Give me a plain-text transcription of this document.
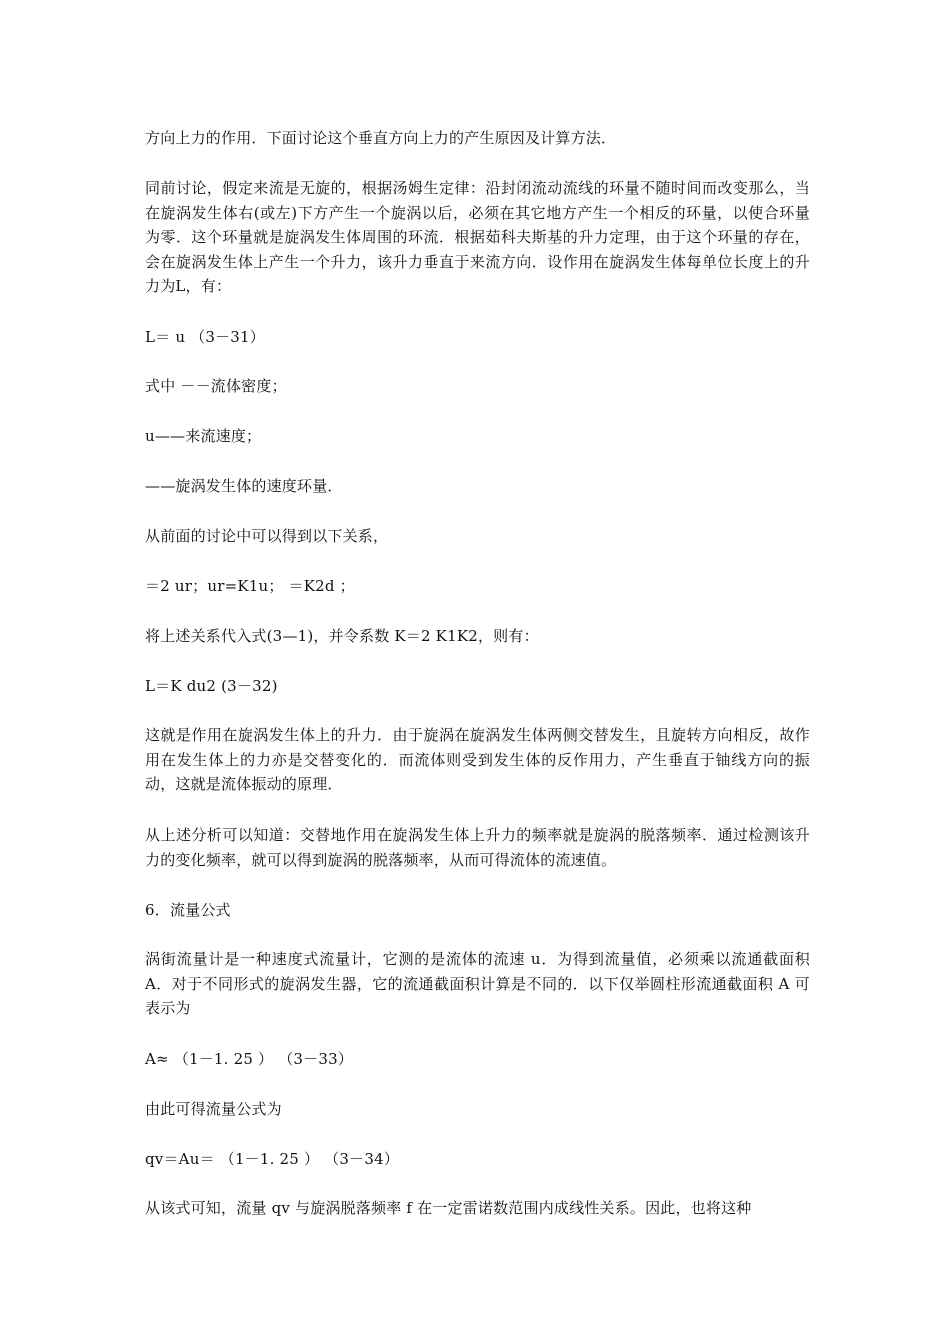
方向上力的作用．下面讨论这个垂直方向上力的产生原因及计算方法．

同前讨论，假定来流是无旋的，根据汤姆生定律：沿封闭流动流线的环量不随时间而改变那么，当在旋涡发生体右(或左)下方产生一个旋涡以后，必须在其它地方产生一个相反的环量，以使合环量为零．这个环量就是旋涡发生体周围的环流．根据茹科夫斯基的升力定理，由于这个环量的存在，会在旋涡发生体上产生一个升力，该升力垂直于来流方向．设作用在旋涡发生体每单位长度上的升力为L，有：

L＝ u （3－31）

式中 －－流体密度；

u——来流速度；

——旋涡发生体的速度环量．

从前面的讨论中可以得到以下关系，

＝2 ur；ur=K1u； ＝K2d ；

将上述关系代入式(3—1)，并令系数 K＝2 K1K2，则有：

L＝K du2 (3－32)

这就是作用在旋涡发生体上的升力．由于旋涡在旋涡发生体两侧交替发生，且旋转方向相反，故作用在发生体上的力亦是交替变化的．而流体则受到发生体的反作用力，产生垂直于铀线方向的振动，这就是流体振动的原理．

从上述分析可以知道：交替地作用在旋涡发生体上升力的频率就是旋涡的脱落频率．通过检测该升力的变化频率，就可以得到旋涡的脱落频率，从而可得流体的流速值。

6．流量公式

涡街流量计是一种速度式流量计，它测的是流体的流速 u．为得到流量值，必须乘以流通截面积 A．对于不同形式的旋涡发生器，它的流通截面积计算是不同的．以下仅举圆柱形流通截面积 A 可表示为

A≈ （1－1. 25 ） （3－33）

由此可得流量公式为

qv＝Au＝ （1－1. 25 ） （3－34）

从该式可知，流量 qv 与旋涡脱落频率 f 在一定雷诺数范围内成线性关系。因此，也将这种
